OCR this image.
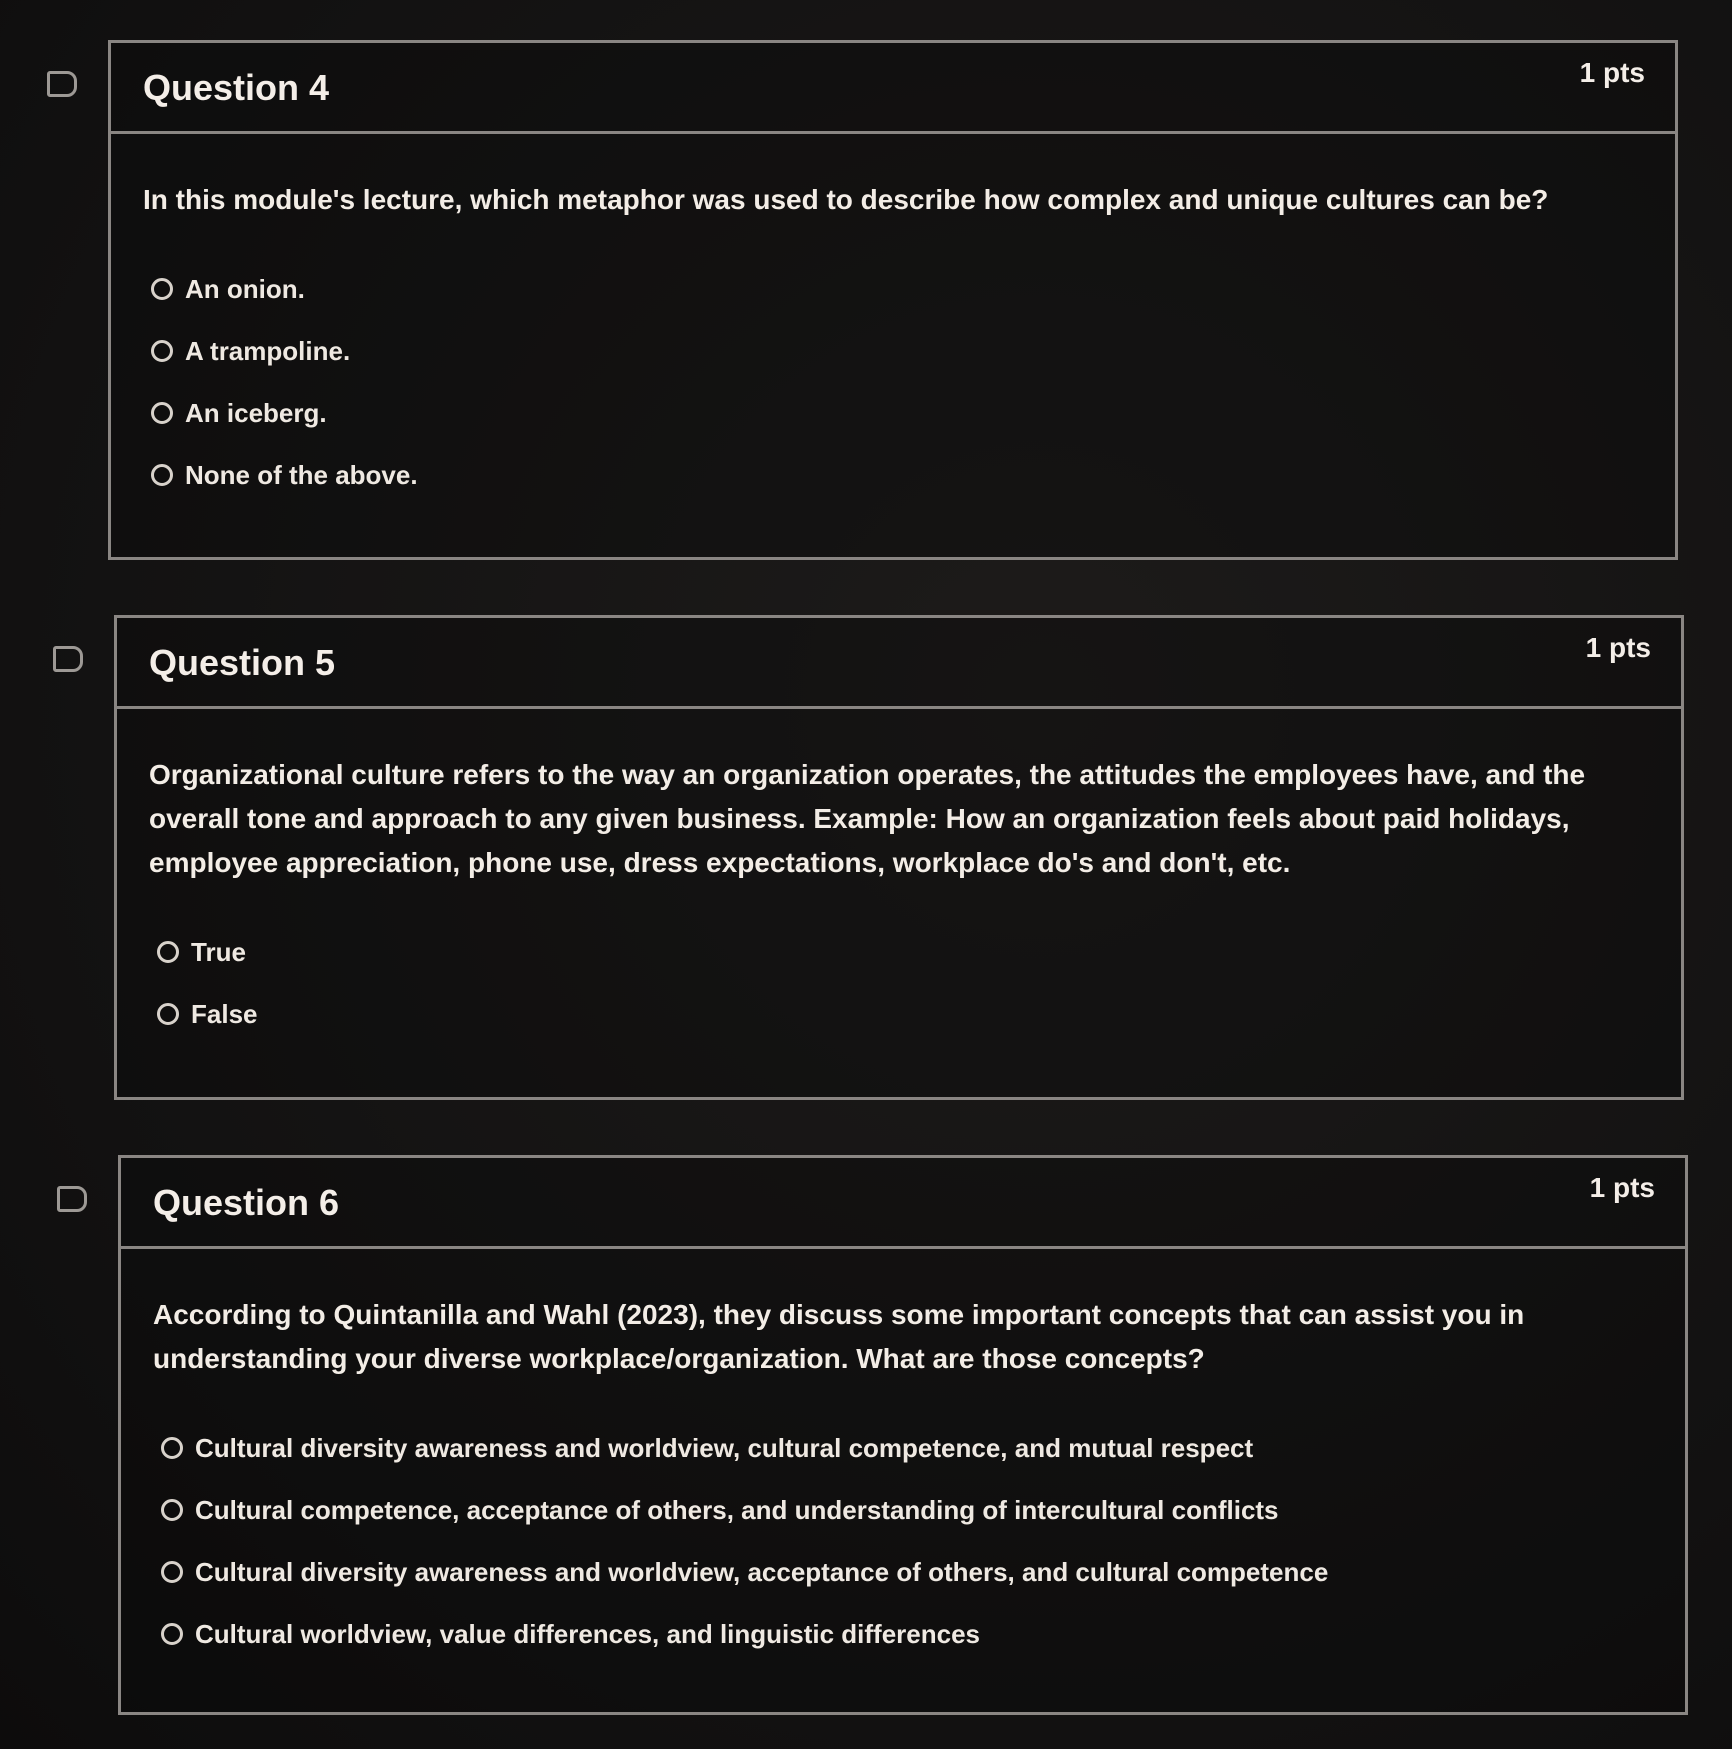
Question 4	1 pts

In this module's lecture, which metaphor was used to describe how complex and unique cultures can be?

An onion.
A trampoline.
An iceberg.
None of the above.
Question 5	1 pts

Organizational culture refers to the way an organization operates, the attitudes the employees have, and the overall tone and approach to any given business. Example: How an organization feels about paid holidays, employee appreciation, phone use, dress expectations, workplace do's and don't, etc.

True
False
Question 6	1 pts

According to Quintanilla and Wahl (2023), they discuss some important concepts that can assist you in understanding your diverse workplace/organization. What are those concepts?

Cultural diversity awareness and worldview, cultural competence, and mutual respect
Cultural competence, acceptance of others, and understanding of intercultural conflicts
Cultural diversity awareness and worldview, acceptance of others, and cultural competence
Cultural worldview, value differences, and linguistic differences
